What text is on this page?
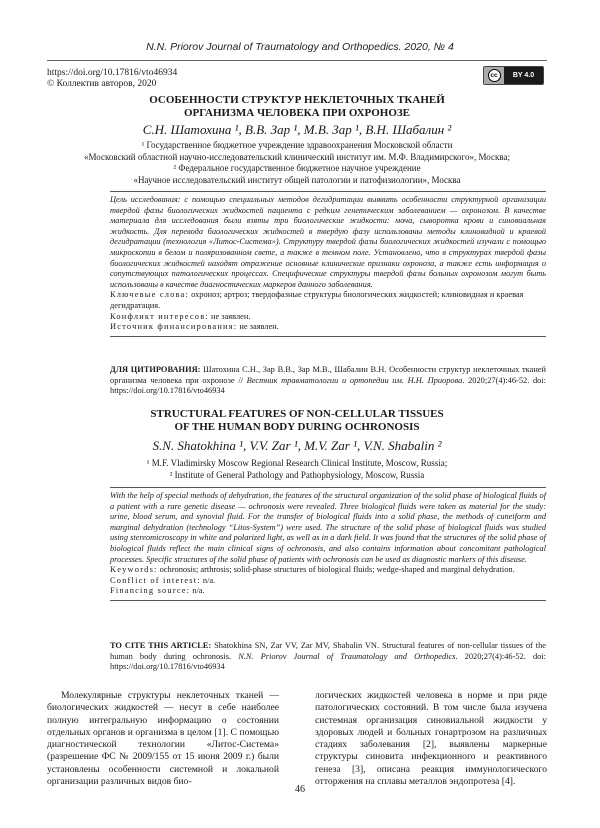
N.N. Priorov Journal of Traumatology and Orthopedics. 2020, № 4
https://doi.org/10.17816/vto46934
© Коллектив авторов, 2020
cc	BY 4.0
ОСОБЕННОСТИ СТРУКТУР НЕКЛЕТОЧНЫХ ТКАНЕЙ
ОРГАНИЗМА ЧЕЛОВЕКА ПРИ ОХРОНОЗЕ
С.Н. Шатохина ¹, В.В. Зар ¹, М.В. Зар ¹, В.Н. Шабалин ²
¹ Государственное бюджетное учреждение здравоохранения Московской области
«Московский областной научно-исследовательский клинический институт им. М.Ф. Владимирского», Москва;
² Федеральное государственное бюджетное научное учреждение
«Научное исследовательский институт общей патологии и патофизиологии», Москва

Цель исследования: с помощью специальных методов дегидратации выявить особенности структурной организации твердой фазы биологических жидкостей пациента с редким генетическим заболеванием — охронозом. В качестве материала для исследования были взяты три биологические жидкости: моча, сыворотка крови и синовиальная жидкость. Для перевода биологических жидкостей в твердую фазу использованы методы клиновидной и краевой дегидратации (технология «Литос-Система»). Структуру твердой фазы биологических жидкостей изучали с помощью микроскопии в белом и поляризованном свете, а также в темном поле. Установлено, что в структурах твердой фазы биологических жидкостей находят отражение основные клинические признаки охроноза, а также есть информация о сопутствующих патологических процессах. Специфические структуры твердой фазы больных охронозом могут быть использованы в качестве диагностических маркеров данного заболевания.

Ключевые слова: охроноз; артроз; твердофазные структуры биологических жидкостей; клиновидная и краевая дегидратация.

Конфликт интересов: не заявлен.

Источник финансирования: не заявлен.

ДЛЯ ЦИТИРОВАНИЯ: Шатохина С.Н., Зар В.В., Зар М.В., Шабалин В.Н. Особенности структур неклеточных тканей организма человека при охронозе // Вестник травматологии и ортопедии им. Н.Н. Приорова. 2020;27(4):46-52. doi: https://doi.org/10.17816/vto46934
STRUCTURAL FEATURES OF NON-CELLULAR TISSUES
OF THE HUMAN BODY DURING OCHRONOSIS
S.N. Shatokhina ¹, V.V. Zar ¹, M.V. Zar ¹, V.N. Shabalin ²
¹ M.F. Vladimirsky Moscow Regional Research Clinical Institute, Moscow, Russia;
² Institute of General Pathology and Pathophysiology, Moscow, Russia

With the help of special methods of dehydration, the features of the structural organization of the solid phase of biological fluids of a patient with a rare genetic disease — ochronosis were revealed. Three biological fluids were taken as material for the study: urine, blood serum, and synovial fluid. For the transfer of biological fluids into a solid phase, the methods of cuneiform and marginal dehydration (technology “Litos-System”) were used. The structure of the solid phase of biological fluids was studied using stereomicroscopy in white and polarized light, as well as in a dark field. It was found that the structures of the solid phase of biological fluids reflect the main clinical signs of ochronosis, and also contains information about concomitant pathological processes. Specific structures of the solid phase of patients with ochronosis can be used as diagnostic markers of this disease.

Keywords: ochronosis; arthrosis; solid-phase structures of biological fluids; wedge-shaped and marginal dehydration.

Conflict of interest: n/a.

Financing source: n/a.

TO CITE THIS ARTICLE: Shatokhina SN, Zar VV, Zar MV, Shabalin VN. Structural features of non-cellular tissues of the human body during ochronosis. N.N. Priorov Journal of Traumatology and Orthopedics. 2020;27(4):46-52. doi: https://doi.org/10.17816/vto46934
Молекулярные структуры неклеточных тканей — биологических жидкостей — несут в себе наиболее полную интегральную информацию о состоянии отдельных органов и организма в целом [1]. С помощью диагностической технологии «Литос-Система» (разрешение ФС № 2009/155 от 15 июня 2009 г.) были установлены особенности системной и локальной организации различных видов био-
логических жидкостей человека в норме и при ряде патологических состояний. В том числе была изучена системная организация синовиальной жидкости у здоровых людей и больных гонартрозом на различных стадиях заболевания [2], выявлены маркерные структуры синовита инфекционного и реактивного генеза [3], описана реакция иммунологического отторжения на сплавы металлов эндопротеза [4].
46
